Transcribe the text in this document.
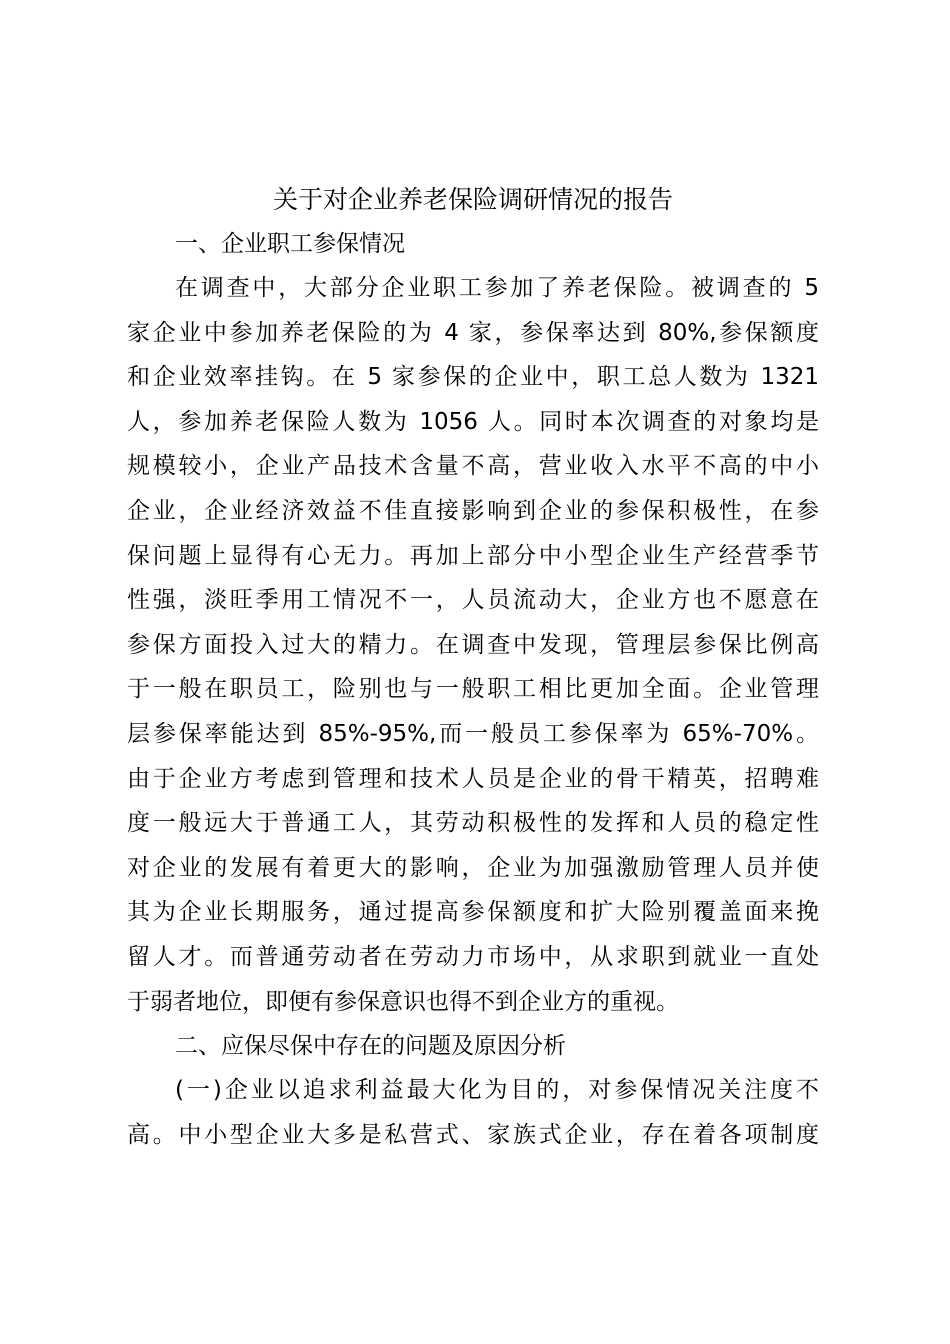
关于对企业养老保险调研情况的报告
一、企业职工参保情况

在调查中，大部分企业职工参加了养老保险。被调查的 5
家企业中参加养老保险的为 4 家，参保率达到 80%,参保额度
和企业效率挂钩。在 5 家参保的企业中，职工总人数为 1321
人，参加养老保险人数为 1056 人。同时本次调查的对象均是
规模较小，企业产品技术含量不高，营业收入水平不高的中小
企业，企业经济效益不佳直接影响到企业的参保积极性，在参
保问题上显得有心无力。再加上部分中小型企业生产经营季节
性强，淡旺季用工情况不一，人员流动大，企业方也不愿意在
参保方面投入过大的精力。在调查中发现，管理层参保比例高
于一般在职员工，险别也与一般职工相比更加全面。企业管理
层参保率能达到 85%-95%,而一般员工参保率为 65%-70%。
由于企业方考虑到管理和技术人员是企业的骨干精英，招聘难
度一般远大于普通工人，其劳动积极性的发挥和人员的稳定性
对企业的发展有着更大的影响，企业为加强激励管理人员并使
其为企业长期服务，通过提高参保额度和扩大险别覆盖面来挽
留人才。而普通劳动者在劳动力市场中，从求职到就业一直处
于弱者地位，即便有参保意识也得不到企业方的重视。

二、应保尽保中存在的问题及原因分析

(一)企业以追求利益最大化为目的，对参保情况关注度不
高。中小型企业大多是私营式、家族式企业，存在着各项制度
